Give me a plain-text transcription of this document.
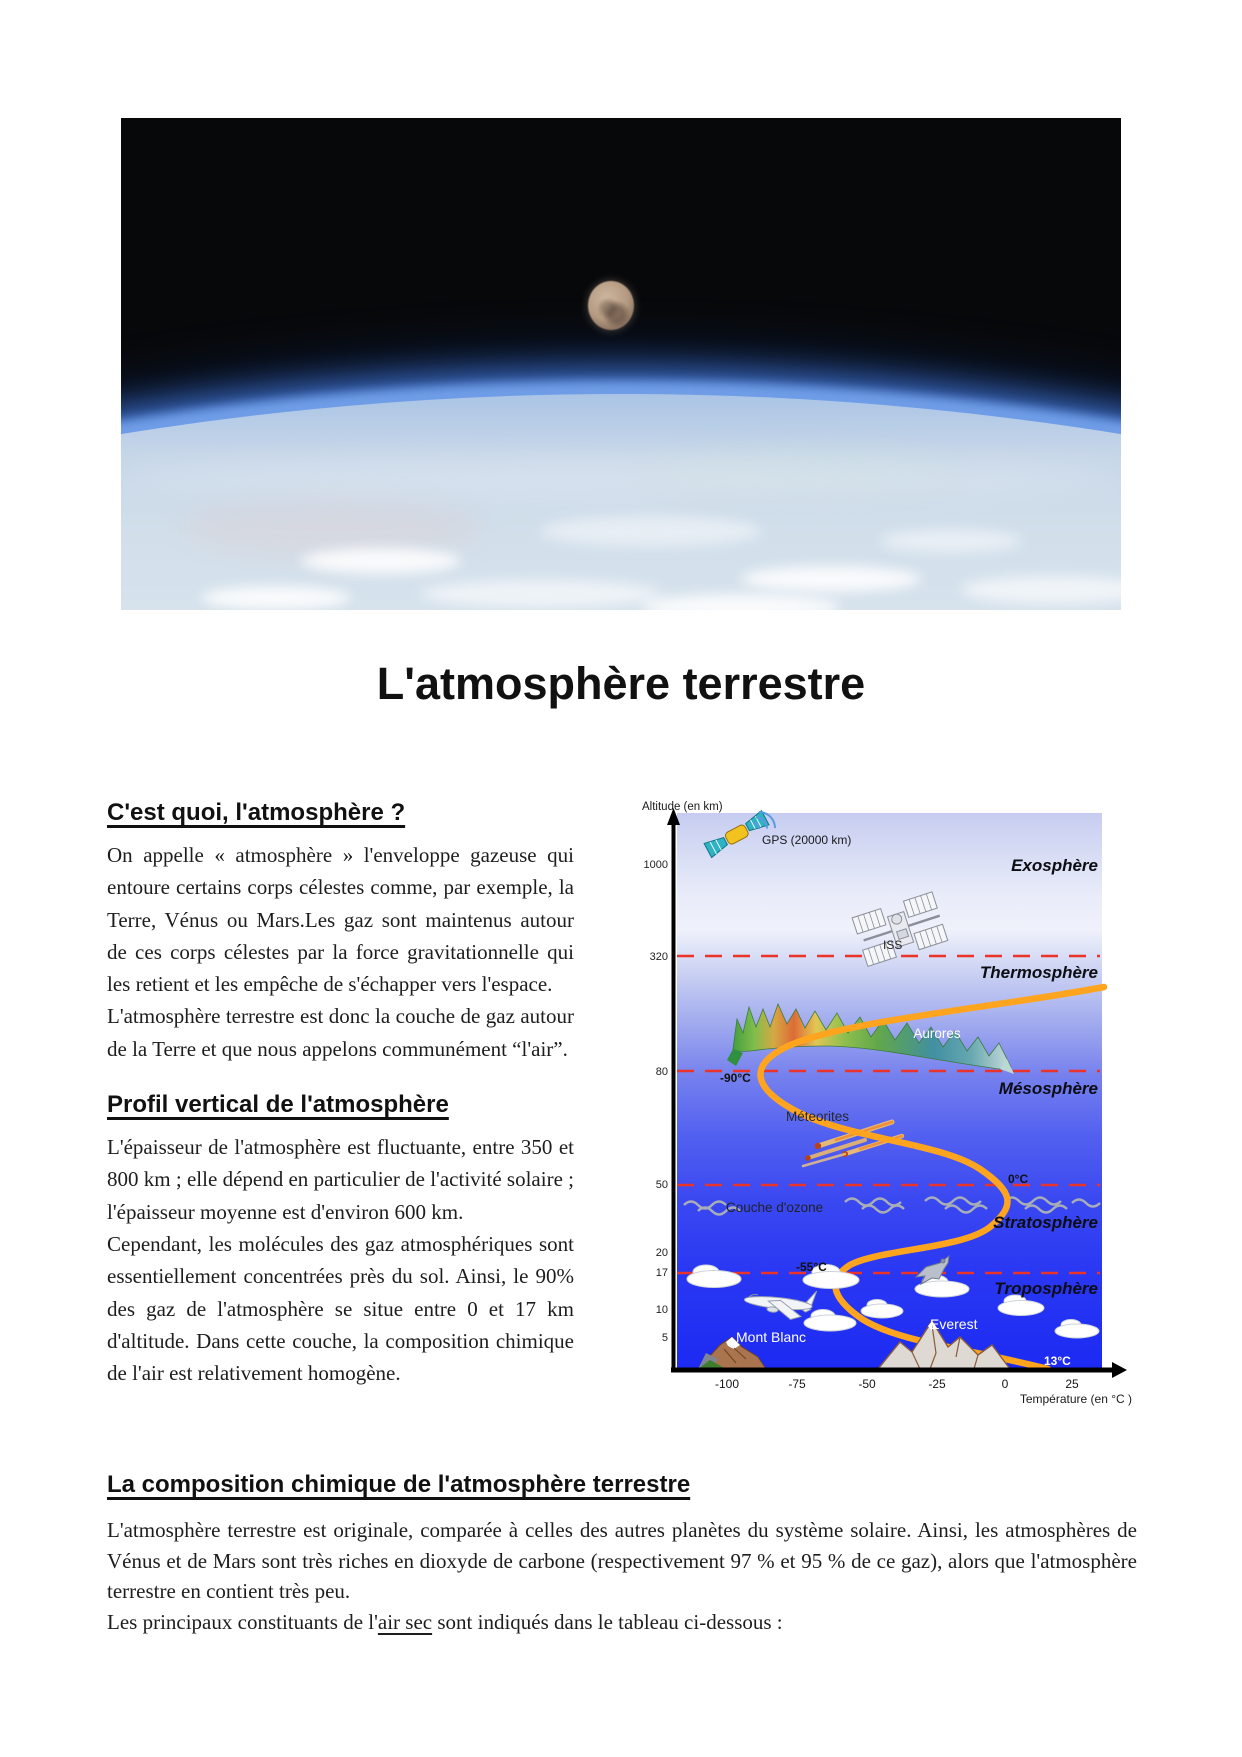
L'atmosphère terrestre
C'est quoi, l'atmosphère ?

On appelle « atmosphère » l'enveloppe gazeuse qui entoure certains corps célestes comme, par exemple, la Terre, Vénus ou Mars.Les gaz sont maintenus autour de ces corps célestes par la force gravitationnelle qui les retient et les empêche de s'échapper vers l'espace.

L'atmosphère terrestre est donc la couche de gaz autour de la Terre et que nous appelons communément “l'air”.

Profil vertical de l'atmosphère

L'épaisseur de l'atmosphère est fluctuante, entre 350 et 800 km ; elle dépend en particulier de l'activité solaire ; l'épaisseur moyenne est d'environ 600 km.

Cependant, les molécules des gaz atmosphériques sont essentiellement concentrées près du sol. Ainsi, le 90% des gaz de l'atmosphère se situe entre 0 et 17 km d'altitude. Dans cette couche, la composition chimique de l'air est relativement homogène.

Altitude (en km)
1000
320
80
50
20
17
10
5
-100	-75	-50	-25	0	25
Température (en °C )
Exosphère
Thermosphère
Mésosphère
Stratosphère
Troposphère
GPS (20000 km)
ISS
Aurores
-90°C
Méteorites
0°C
Couche d'ozone
-55°C
Mont Blanc
Everest
13°C
La composition chimique de l'atmosphère terrestre

L'atmosphère terrestre est originale, comparée à celles des autres planètes du système solaire. Ainsi, les atmosphères de Vénus et de Mars sont très riches en dioxyde de carbone (respectivement 97 % et 95 % de ce gaz), alors que l'atmosphère terrestre en contient très peu.

Les principaux constituants de l'air sec sont indiqués dans le tableau ci-dessous :
